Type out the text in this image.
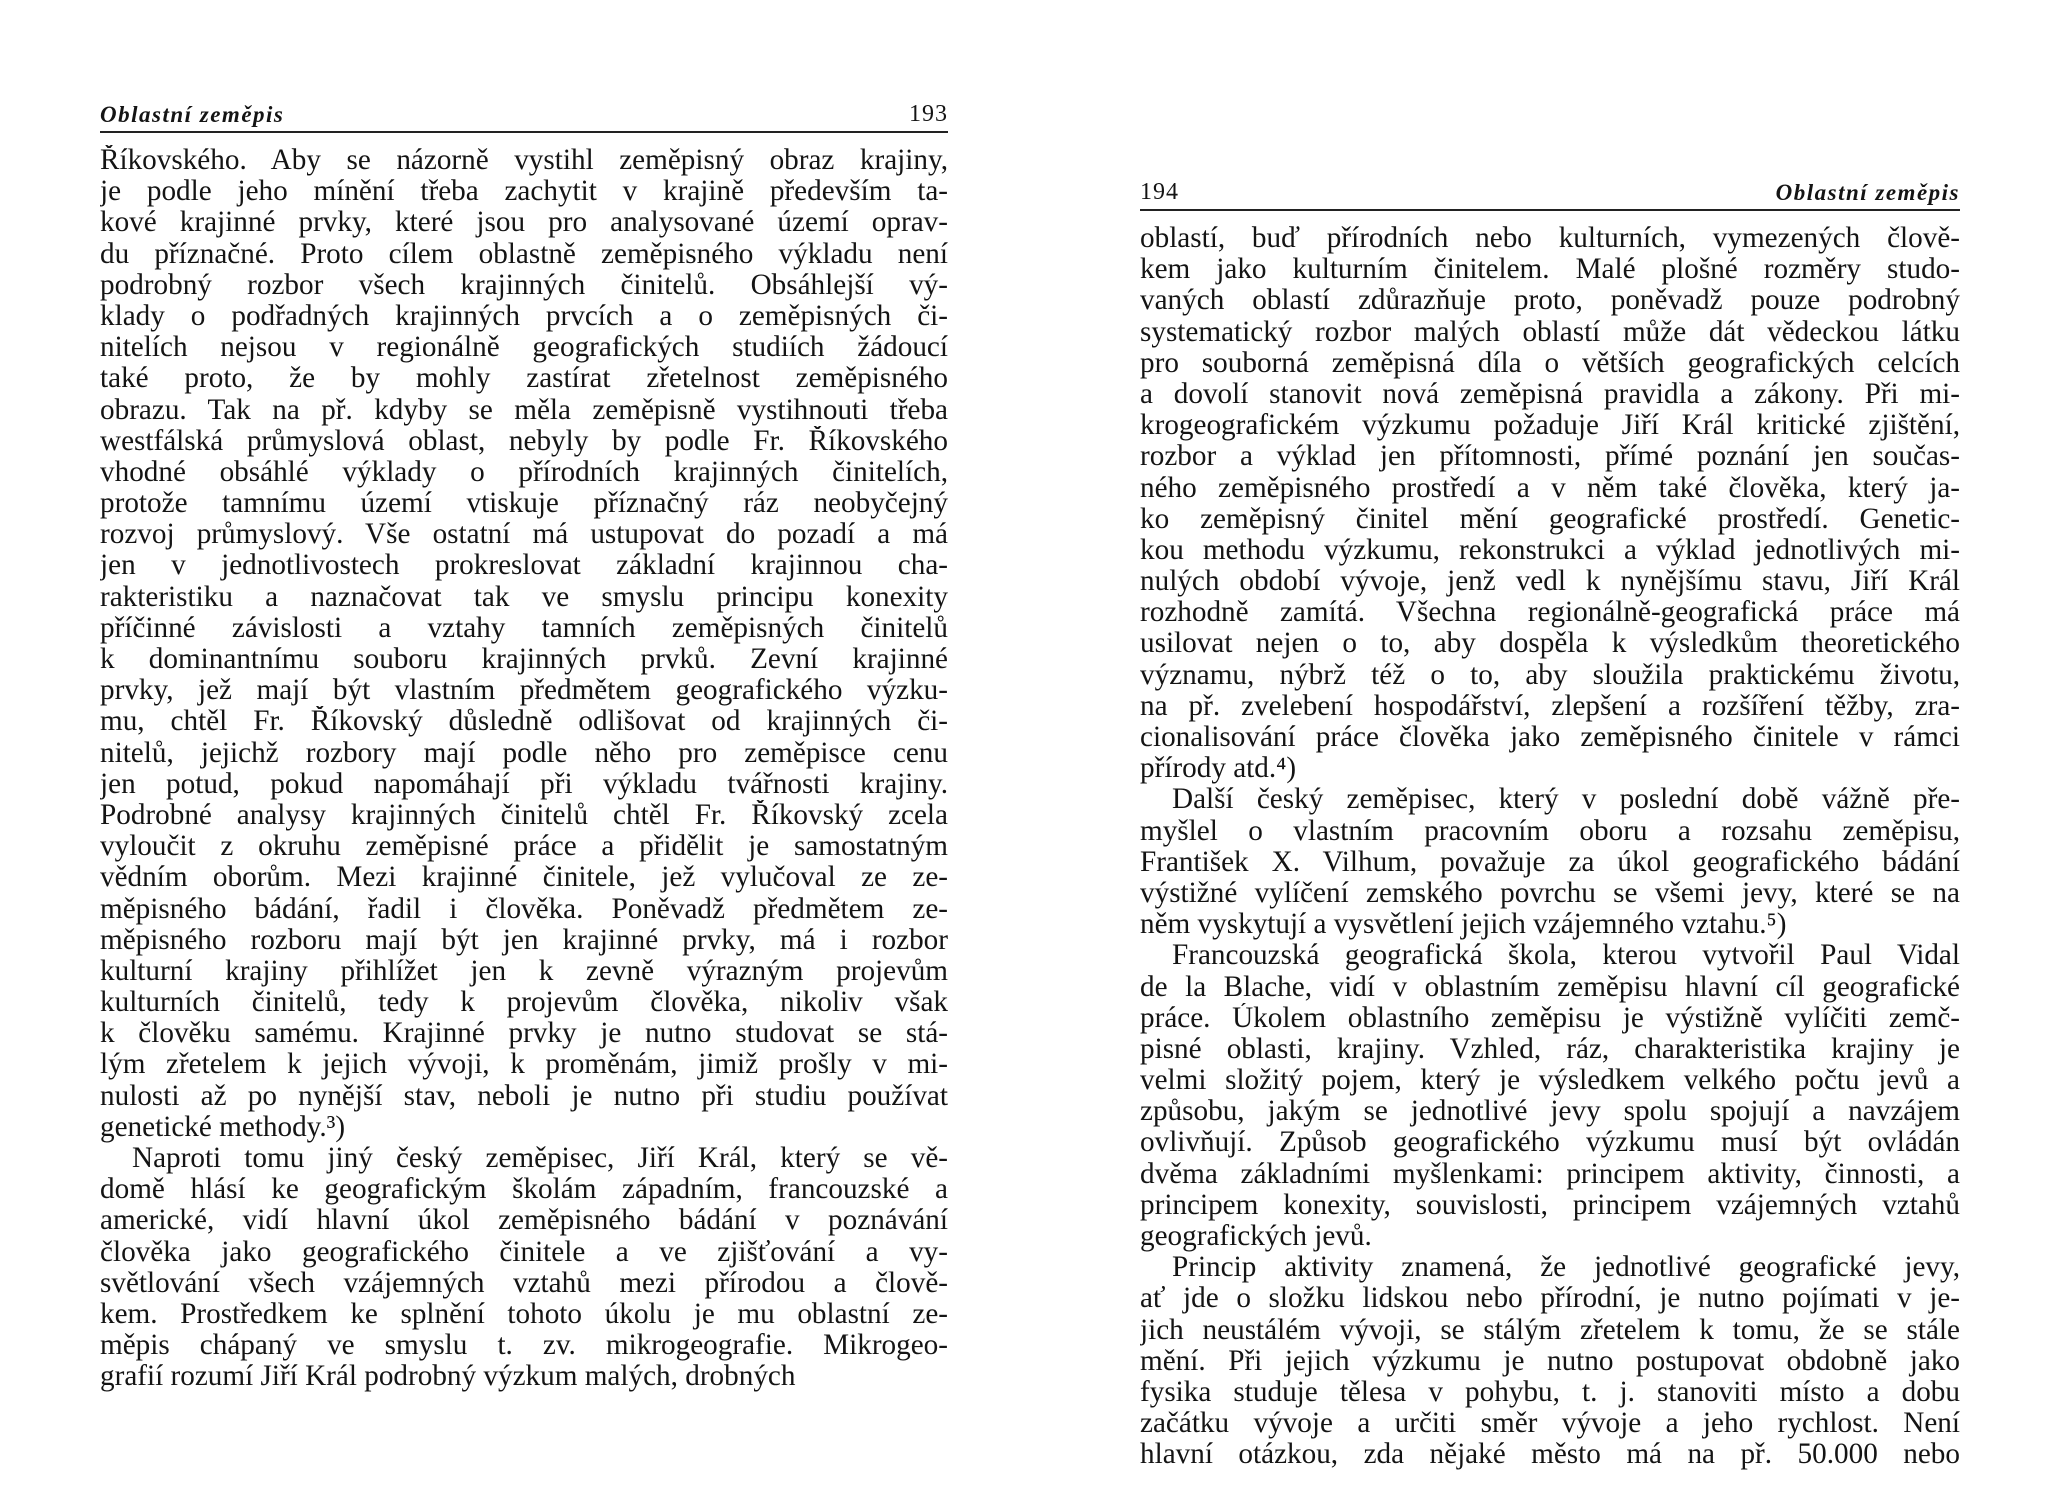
Oblastní zeměpis	193
Říkovského. Aby se názorně vystihl zeměpisný obraz krajiny,
je podle jeho mínění třeba zachytit v krajině především ta-
kové krajinné prvky, které jsou pro analysované území oprav-
du příznačné. Proto cílem oblastně zeměpisného výkladu není
podrobný rozbor všech krajinných činitelů. Obsáhlejší vý-
klady o podřadných krajinných prvcích a o zeměpisných či-
nitelích nejsou v regionálně geografických studiích žádoucí
také proto, že by mohly zastírat zřetelnost zeměpisného
obrazu. Tak na př. kdyby se měla zeměpisně vystihnouti třeba
westfálská průmyslová oblast, nebyly by podle Fr. Říkovského
vhodné obsáhlé výklady o přírodních krajinných činitelích,
protože tamnímu území vtiskuje příznačný ráz neobyčejný
rozvoj průmyslový. Vše ostatní má ustupovat do pozadí a má
jen v jednotlivostech prokreslovat základní krajinnou cha-
rakteristiku a naznačovat tak ve smyslu principu konexity
příčinné závislosti a vztahy tamních zeměpisných činitelů
k dominantnímu souboru krajinných prvků. Zevní krajinné
prvky, jež mají být vlastním předmětem geografického výzku-
mu, chtěl Fr. Říkovský důsledně odlišovat od krajinných či-
nitelů, jejichž rozbory mají podle něho pro zeměpisce cenu
jen potud, pokud napomáhají při výkladu tvářnosti krajiny.
Podrobné analysy krajinných činitelů chtěl Fr. Říkovský zcela
vyloučit z okruhu zeměpisné práce a přidělit je samostatným
vědním oborům. Mezi krajinné činitele, jež vylučoval ze ze-
měpisného bádání, řadil i člověka. Poněvadž předmětem ze-
měpisného rozboru mají být jen krajinné prvky, má i rozbor
kulturní krajiny přihlížet jen k zevně výrazným projevům
kulturních činitelů, tedy k projevům člověka, nikoliv však
k člověku samému. Krajinné prvky je nutno studovat se stá-
lým zřetelem k jejich vývoji, k proměnám, jimiž prošly v mi-
nulosti až po nynější stav, neboli je nutno při studiu používat
genetické methody.³)
Naproti tomu jiný český zeměpisec, Jiří Král, který se vě-
domě hlásí ke geografickým školám západním, francouzské a
americké, vidí hlavní úkol zeměpisného bádání v poznávání
člověka jako geografického činitele a ve zjišťování a vy-
světlování všech vzájemných vztahů mezi přírodou a člově-
kem. Prostředkem ke splnění tohoto úkolu je mu oblastní ze-
měpis chápaný ve smyslu t. zv. mikrogeografie. Mikrogeo-
grafií rozumí Jiří Král podrobný výzkum malých, drobných
194	Oblastní zeměpis
oblastí, buď přírodních nebo kulturních, vymezených člově-
kem jako kulturním činitelem. Malé plošné rozměry studo-
vaných oblastí zdůrazňuje proto, poněvadž pouze podrobný
systematický rozbor malých oblastí může dát vědeckou látku
pro souborná zeměpisná díla o větších geografických celcích
a dovolí stanovit nová zeměpisná pravidla a zákony. Při mi-
krogeografickém výzkumu požaduje Jiří Král kritické zjištění,
rozbor a výklad jen přítomnosti, přímé poznání jen součas-
ného zeměpisného prostředí a v něm také člověka, který ja-
ko zeměpisný činitel mění geografické prostředí. Genetic-
kou methodu výzkumu, rekonstrukci a výklad jednotlivých mi-
nulých období vývoje, jenž vedl k nynějšímu stavu, Jiří Král
rozhodně zamítá. Všechna regionálně-geografická práce má
usilovat nejen o to, aby dospěla k výsledkům theoretického
významu, nýbrž též o to, aby sloužila praktickému životu,
na př. zvelebení hospodářství, zlepšení a rozšíření těžby, zra-
cionalisování práce člověka jako zeměpisného činitele v rámci
přírody atd.⁴)
Další český zeměpisec, který v poslední době vážně pře-
myšlel o vlastním pracovním oboru a rozsahu zeměpisu,
František X. Vilhum, považuje za úkol geografického bádání
výstižné vylíčení zemského povrchu se všemi jevy, které se na
něm vyskytují a vysvětlení jejich vzájemného vztahu.⁵)
Francouzská geografická škola, kterou vytvořil Paul Vidal
de la Blache, vidí v oblastním zeměpisu hlavní cíl geografické
práce. Úkolem oblastního zeměpisu je výstižně vylíčiti zemč-
pisné oblasti, krajiny. Vzhled, ráz, charakteristika krajiny je
velmi složitý pojem, který je výsledkem velkého počtu jevů a
způsobu, jakým se jednotlivé jevy spolu spojují a navzájem
ovlivňují. Způsob geografického výzkumu musí být ovládán
dvěma základními myšlenkami: principem aktivity, činnosti, a
principem konexity, souvislosti, principem vzájemných vztahů
geografických jevů.
Princip aktivity znamená, že jednotlivé geografické jevy,
ať jde o složku lidskou nebo přírodní, je nutno pojímati v je-
jich neustálém vývoji, se stálým zřetelem k tomu, že se stále
mění. Při jejich výzkumu je nutno postupovat obdobně jako
fysika studuje tělesa v pohybu, t. j. stanoviti místo a dobu
začátku vývoje a určiti směr vývoje a jeho rychlost. Není
hlavní otázkou, zda nějaké město má na př. 50.000 nebo
